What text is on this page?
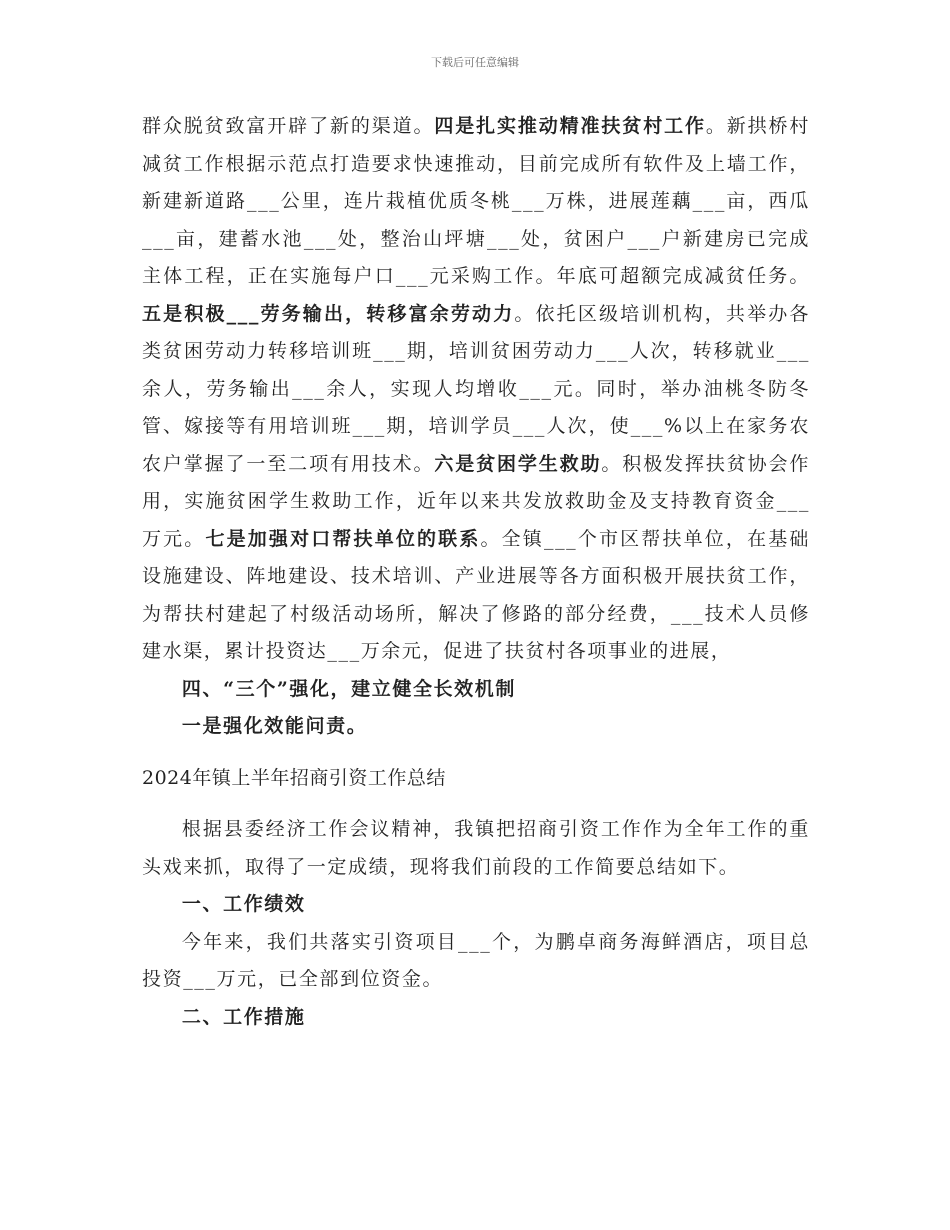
下载后可任意编辑

群众脱贫致富开辟了新的渠道。四是扎实推动精准扶贫村工作。新拱桥村减贫工作根据示范点打造要求快速推动，目前完成所有软件及上墙工作，新建新道路___公里，连片栽植优质冬桃___万株，进展莲藕___亩，西瓜___亩，建蓄水池___处，整治山坪塘___处，贫困户___户新建房已完成主体工程，正在实施每户口___元采购工作。年底可超额完成减贫任务。五是积极___劳务输出，转移富余劳动力。依托区级培训机构，共举办各类贫困劳动力转移培训班___期，培训贫困劳动力___人次，转移就业___余人，劳务输出___余人，实现人均增收___元。同时，举办油桃冬防冬管、嫁接等有用培训班___期，培训学员___人次，使___%以上在家务农农户掌握了一至二项有用技术。六是贫困学生救助。积极发挥扶贫协会作用，实施贫困学生救助工作，近年以来共发放救助金及支持教育资金___万元。七是加强对口帮扶单位的联系。全镇___个市区帮扶单位，在基础设施建设、阵地建设、技术培训、产业进展等各方面积极开展扶贫工作，为帮扶村建起了村级活动场所，解决了修路的部分经费，___技术人员修建水渠，累计投资达___万余元，促进了扶贫村各项事业的进展，

四、“三个”强化，建立健全长效机制

一是强化效能问责。

2024年镇上半年招商引资工作总结

根据县委经济工作会议精神，我镇把招商引资工作作为全年工作的重头戏来抓，取得了一定成绩，现将我们前段的工作简要总结如下。

一、工作绩效

今年来，我们共落实引资项目___个，为鹏卓商务海鲜酒店，项目总投资___万元，已全部到位资金。

二、工作措施
